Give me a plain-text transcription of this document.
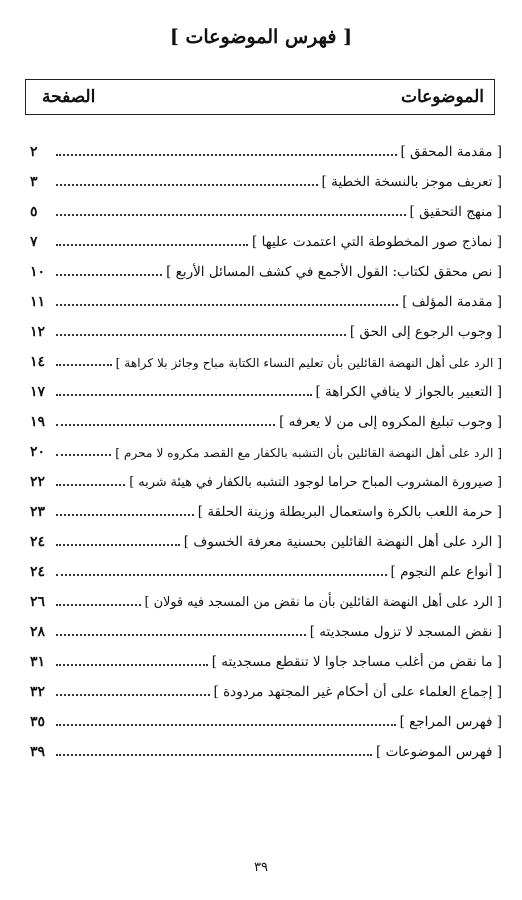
[ فهرس الموضوعات ]
الموضوعات
الصفحة
[ مقدمة المحقق ]
٢
[ تعريف موجز بالنسخة الخطية ]
٣
[ منهج التحقيق ]
٥
[ نماذج صور المخطوطة التي اعتمدت عليها ]
٧
[ نص محقق لكتاب: القول الأجمع في كشف المسائل الأربع ]
١٠
[ مقدمة المؤلف ]
١١
[ وجوب الرجوع إلى الحق ]
١٢
[ الرد على أهل النهضة القائلين بأن تعليم النساء الكتابة مباح وجائز بلا كراهة ]
١٤
[ التعبير بالجواز لا ينافي الكراهة ]
١٧
[ وجوب تبليغ المكروه إلى من لا يعرفه ]
١٩
[ الرد على أهل النهضة القائلين بأن التشبه بالكفار مع القصد مكروه لا محرم ]
٢٠
[ صيرورة المشروب المباح حراما لوجود التشبه بالكفار في هيئة شربه ]
٢٢
[ حرمة اللعب بالكرة واستعمال البريطلة وزينة الحلقة ]
٢٣
[ الرد على أهل النهضة القائلين بحسنية معرفة الخسوف ]
٢٤
[ أنواع علم النجوم ]
٢٤
[ الرد على أهل النهضة القائلين بأن ما نقض من المسجد فيه قولان ]
٢٦
[ نقض المسجد لا تزول مسجديته ]
٢٨
[ ما نقض من أغلب مساجد جاوا لا تنقطع مسجديته ]
٣١
[ إجماع العلماء على أن أحكام غير المجتهد مردودة ]
٣٢
[ فهرس المراجع ]
٣٥
[ فهرس الموضوعات ]
٣٩
٣٩
